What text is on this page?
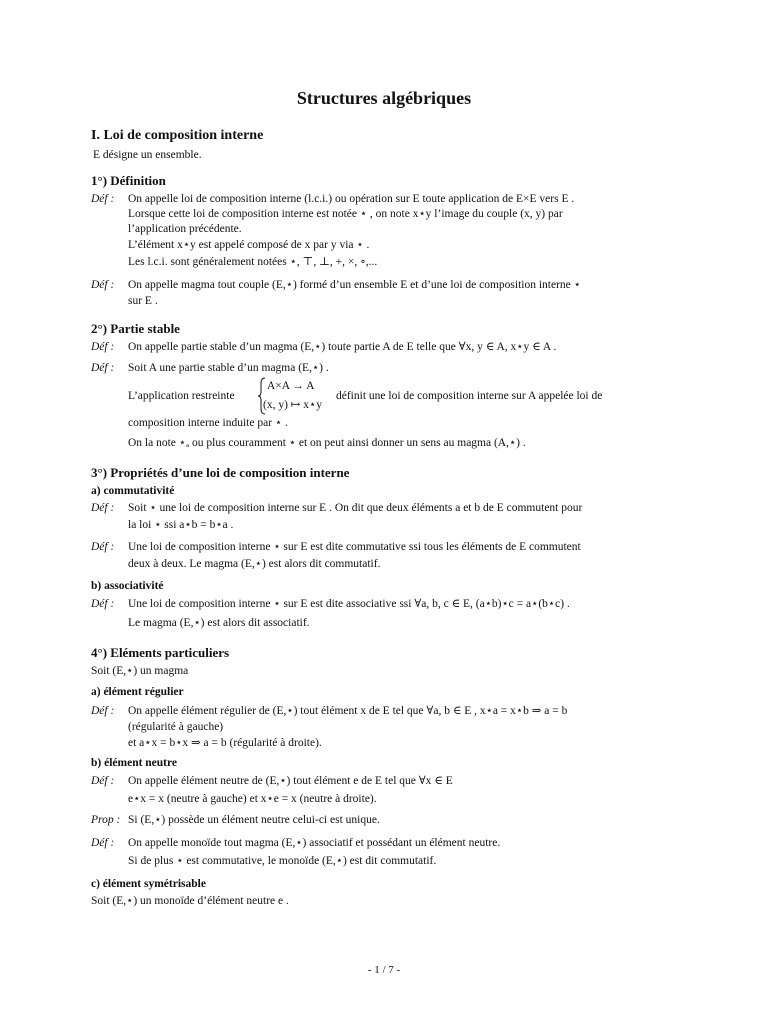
Structures algébriques
I. Loi de composition interne
E désigne un ensemble.
1°) Définition
Déf :	On appelle loi de composition interne (l.c.i.) ou opération sur E toute application de E×E vers E .
Lorsque cette loi de composition interne est notée ⋆ , on note x⋆y l’image du couple (x, y) par
l’application précédente.
L’élément x⋆y est appelé composé de x par y via ⋆ .
Les l.c.i. sont généralement notées ⋆, ⊤, ⊥, +, ×, ∘,...
Déf :	On appelle magma tout couple (E,⋆) formé d’un ensemble E et d’une loi de composition interne ⋆
sur E .
2°) Partie stable
Déf :	On appelle partie stable d’un magma (E,⋆) toute partie A de E telle que ∀x, y ∈ A, x⋆y ∈ A .
Déf :	Soit A une partie stable d’un magma (E,⋆) .
L’application restreinte
A×A → A
(x, y) ↦ x⋆y
définit une loi de composition interne sur A appelée loi de
composition interne induite par ⋆ .
On la note ⋆ₐ ou plus couramment ⋆ et on peut ainsi donner un sens au magma (A,⋆) .
3°) Propriétés d’une loi de composition interne
a) commutativité
Déf :	Soit ⋆ une loi de composition interne sur E . On dit que deux éléments a et b de E commutent pour
la loi ⋆ ssi a⋆b = b⋆a .
Déf :	Une loi de composition interne ⋆ sur E est dite commutative ssi tous les éléments de E commutent
deux à deux. Le magma (E,⋆) est alors dit commutatif.
b) associativité
Déf :	Une loi de composition interne ⋆ sur E est dite associative ssi ∀a, b, c ∈ E, (a⋆b)⋆c = a⋆(b⋆c) .
Le magma (E,⋆) est alors dit associatif.
4°) Eléments particuliers
Soit (E,⋆) un magma
a) élément régulier
Déf :	On appelle élément régulier de (E,⋆) tout élément x de E tel que ∀a, b ∈ E , x⋆a = x⋆b ⇒ a = b
(régularité à gauche)
et a⋆x = b⋆x ⇒ a = b (régularité à droite).
b) élément neutre
Déf :	On appelle élément neutre de (E,⋆) tout élément e de E tel que ∀x ∈ E
e⋆x = x (neutre à gauche) et x⋆e = x (neutre à droite).
Prop : Si (E,⋆) possède un élément neutre celui-ci est unique.
Déf :	On appelle monoïde tout magma (E,⋆) associatif et possédant un élément neutre.
Si de plus ⋆ est commutative, le monoïde (E,⋆) est dit commutatif.
c) élément symétrisable
Soit (E,⋆) un monoïde d’élément neutre e .
- 1 / 7 -
